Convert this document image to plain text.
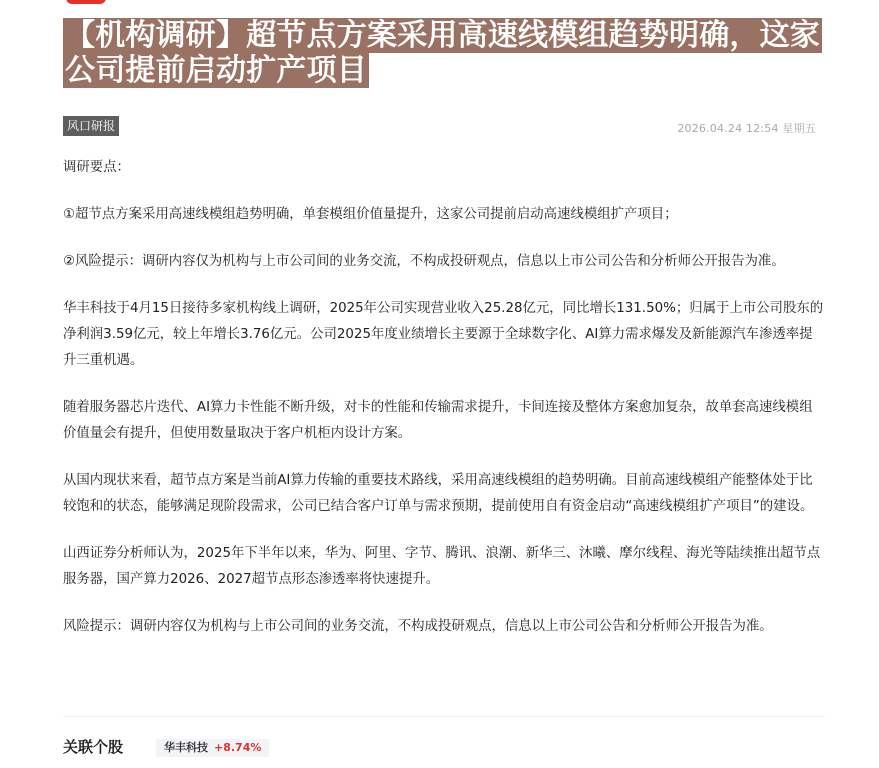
【机构调研】超节点方案采用高速线模组趋势明确，这家公司提前启动扩产项目
风口研报	2026.04.24 12:54 星期五

调研要点：

①超节点方案采用高速线模组趋势明确，单套模组价值量提升，这家公司提前启动高速线模组扩产项目；

②风险提示：调研内容仅为机构与上市公司间的业务交流，不构成投研观点，信息以上市公司公告和分析师公开报告为准。

华丰科技于4月15日接待多家机构线上调研，2025年公司实现营业收入25.28亿元，同比增长131.50%；归属于上市公司股东的净利润3.59亿元，较上年增长3.76亿元。公司2025年度业绩增长主要源于全球数字化、AI算力需求爆发及新能源汽车渗透率提升三重机遇。

随着服务器芯片迭代、AI算力卡性能不断升级，对卡的性能和传输需求提升，卡间连接及整体方案愈加复杂，故单套高速线模组价值量会有提升，但使用数量取决于客户机柜内设计方案。

从国内现状来看，超节点方案是当前AI算力传输的重要技术路线，采用高速线模组的趋势明确。目前高速线模组产能整体处于比较饱和的状态，能够满足现阶段需求，公司已结合客户订单与需求预期，提前使用自有资金启动“高速线模组扩产项目”的建设。

山西证券分析师认为，2025年下半年以来，华为、阿里、字节、腾讯、浪潮、新华三、沐曦、摩尔线程、海光等陆续推出超节点服务器，国产算力2026、2027超节点形态渗透率将快速提升。

风险提示：调研内容仅为机构与上市公司间的业务交流，不构成投研观点，信息以上市公司公告和分析师公开报告为准。

关联个股	华丰科技 +8.74%
